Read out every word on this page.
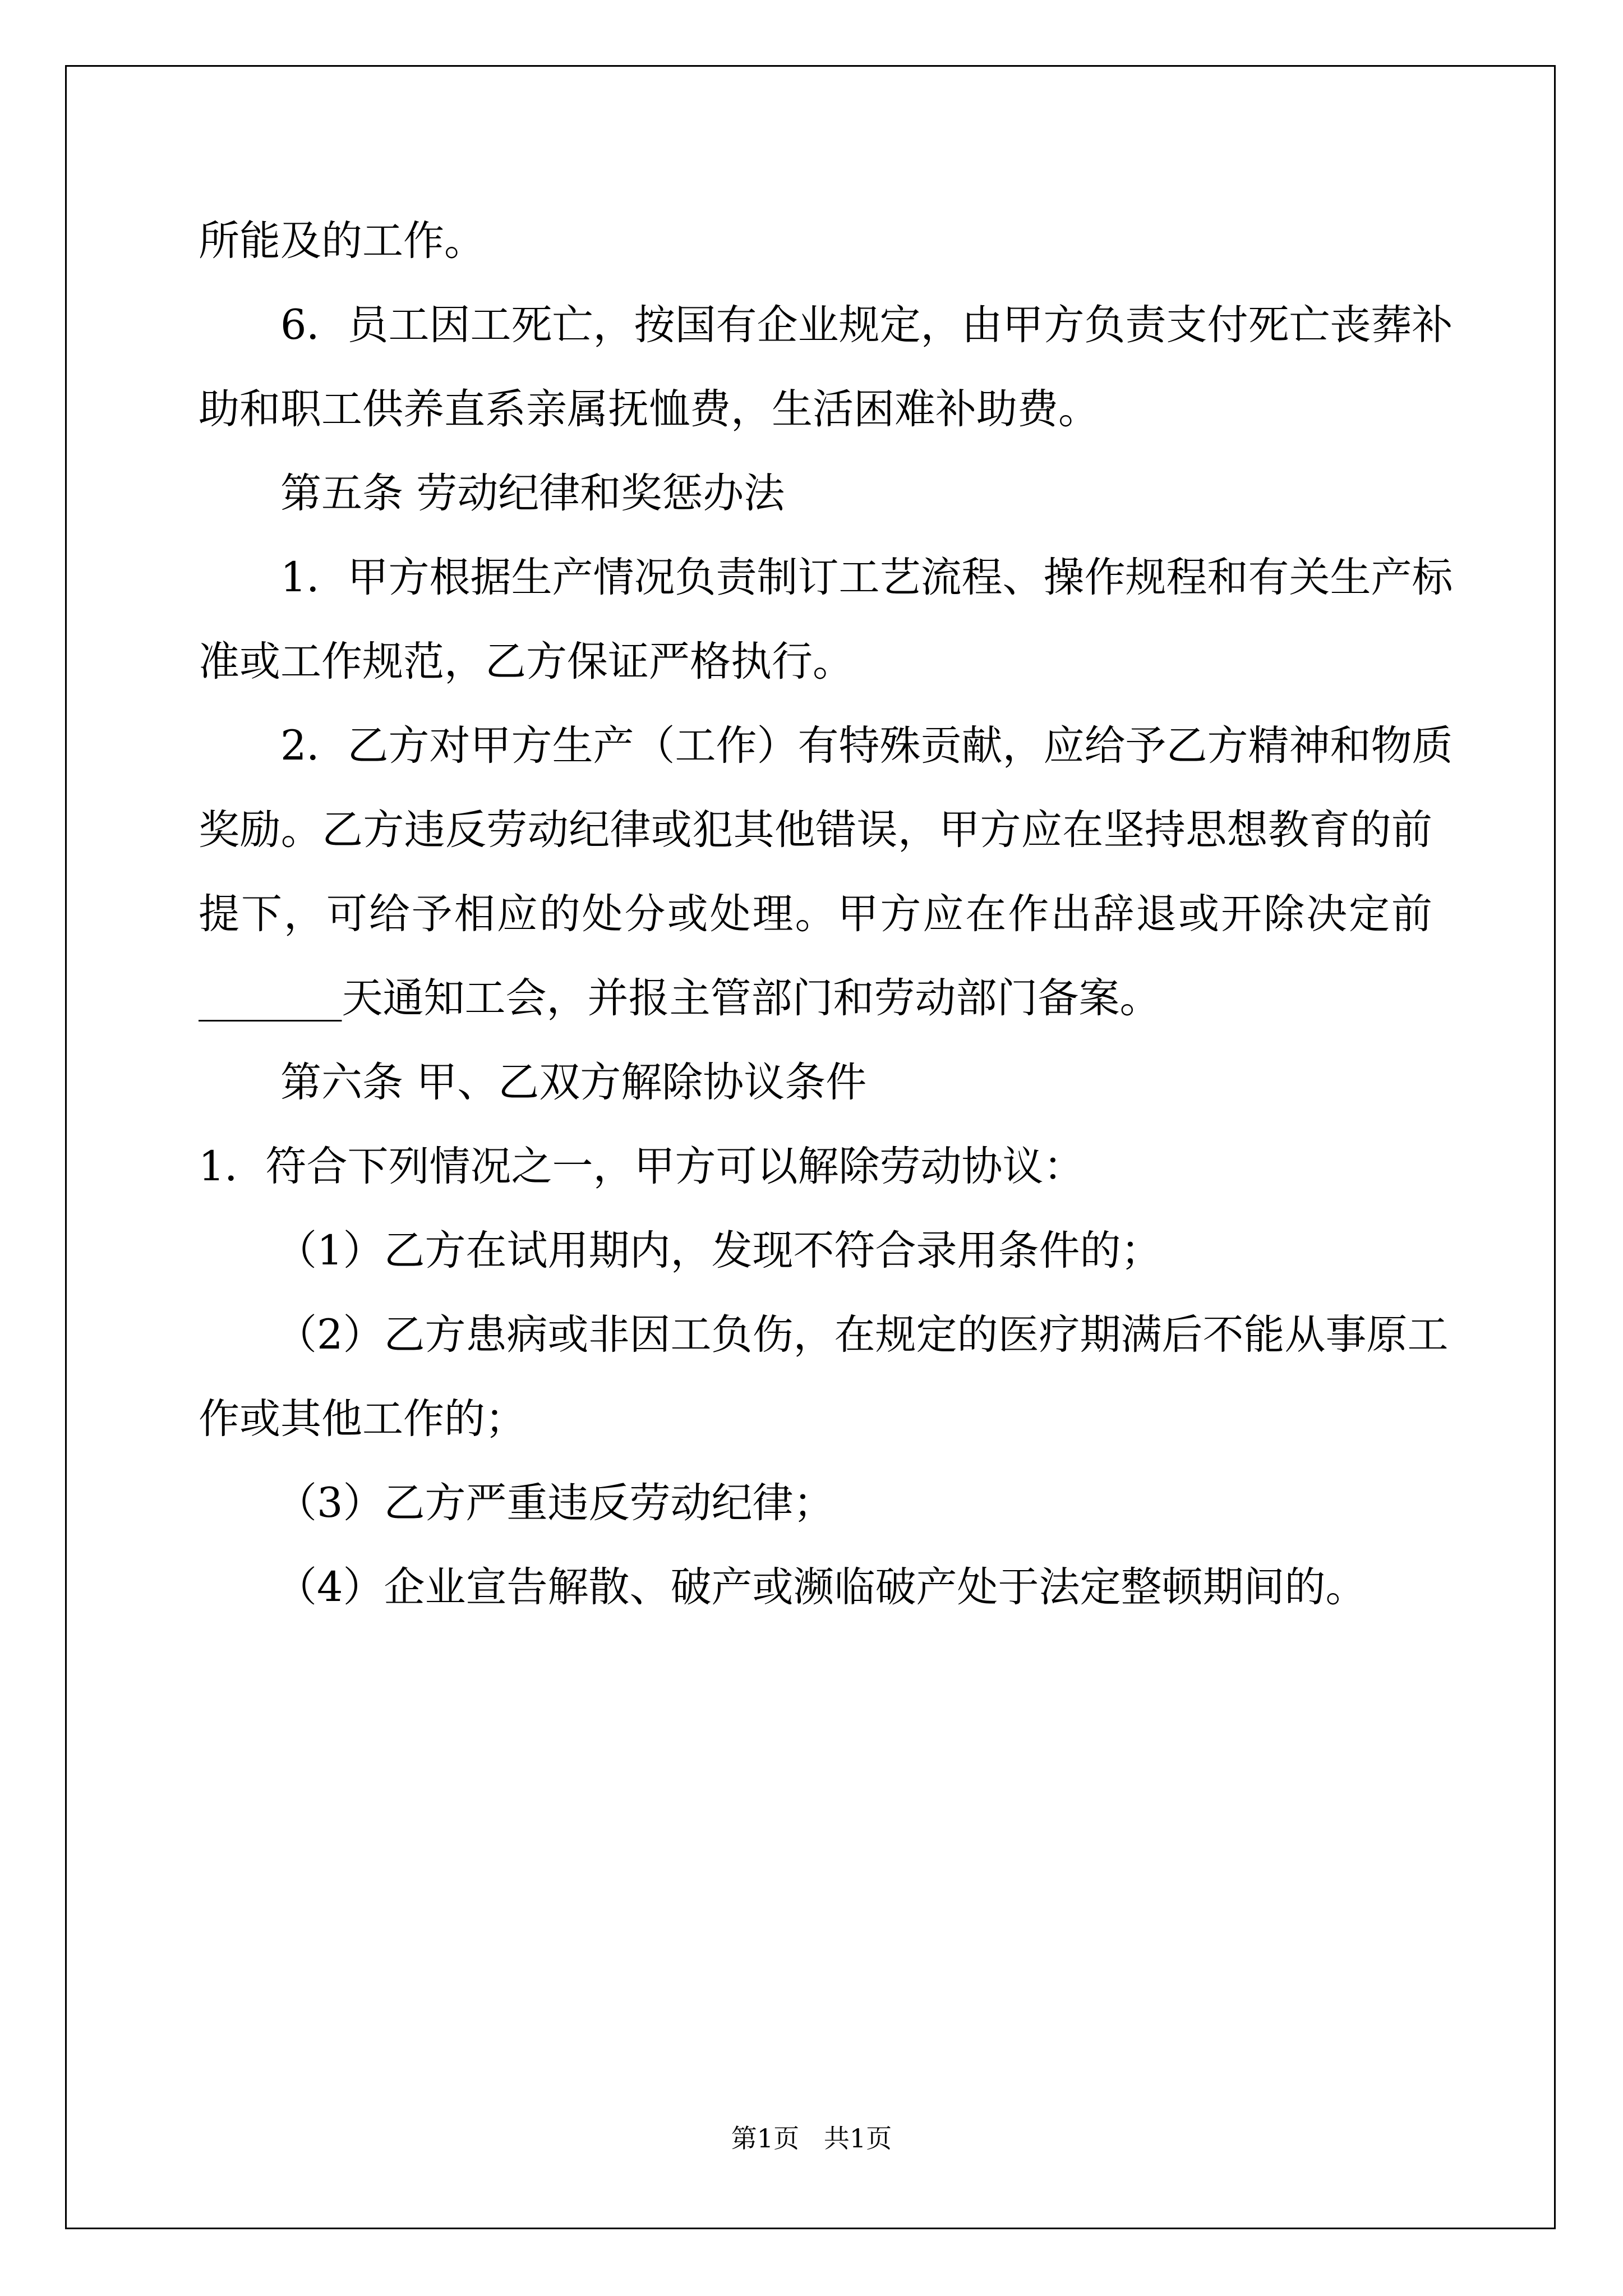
所能及的工作。
6．员工因工死亡，按国有企业规定，由甲方负责支付死亡丧葬补
助和职工供养直系亲属抚恤费，生活困难补助费。
第五条 劳动纪律和奖惩办法
1．甲方根据生产情况负责制订工艺流程、操作规程和有关生产标
准或工作规范，乙方保证严格执行。
2．乙方对甲方生产（工作）有特殊贡献，应给予乙方精神和物质
奖励。乙方违反劳动纪律或犯其他错误，甲方应在坚持思想教育的前
提下，可给予相应的处分或处理。甲方应在作出辞退或开除决定前
_______天通知工会，并报主管部门和劳动部门备案。
第六条 甲、乙双方解除协议条件
1．符合下列情况之一，甲方可以解除劳动协议：
（1）乙方在试用期内，发现不符合录用条件的；
（2）乙方患病或非因工负伤，在规定的医疗期满后不能从事原工
作或其他工作的；
（3）乙方严重违反劳动纪律；
（4）企业宣告解散、破产或濒临破产处于法定整顿期间的。
第1页   共1页
